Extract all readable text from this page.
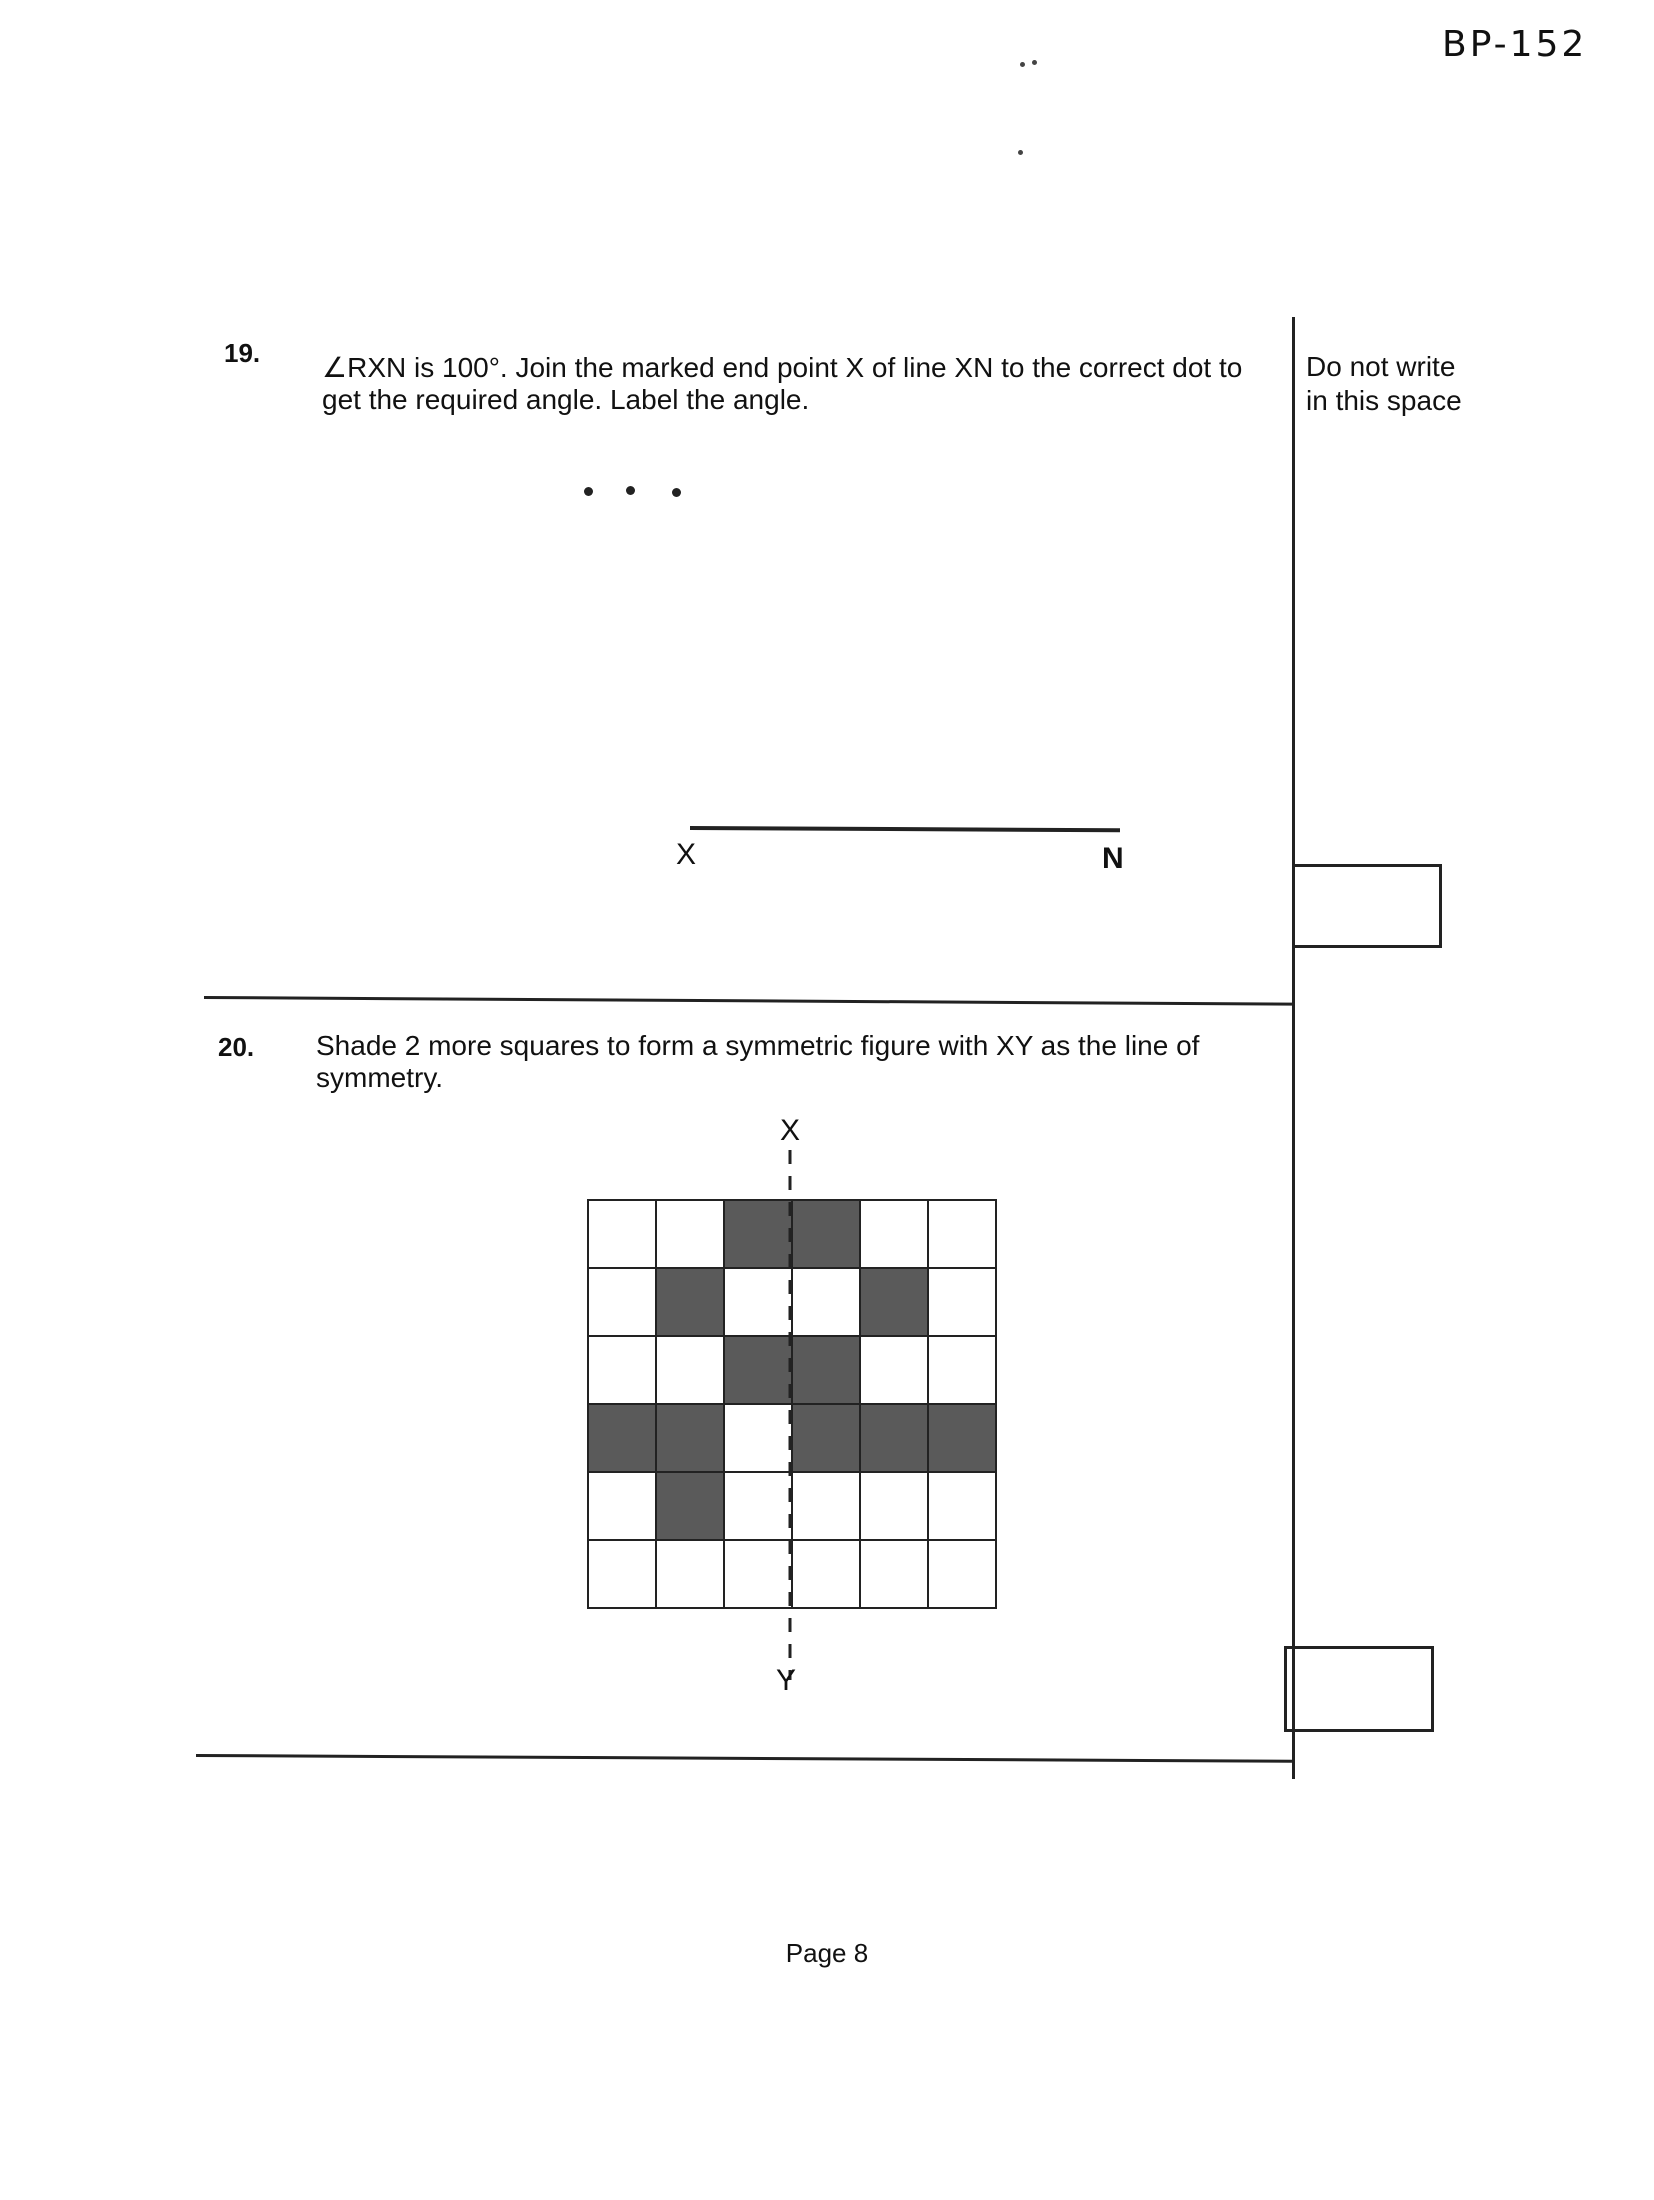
BP-152
Do not write in this space
19. ∠RXN is 100°. Join the marked end point X of line XN to the correct dot to get the required angle. Label the angle.
X	N
20. Shade 2 more squares to form a symmetric figure with XY as the line of symmetry.
X
Y
Page 8
